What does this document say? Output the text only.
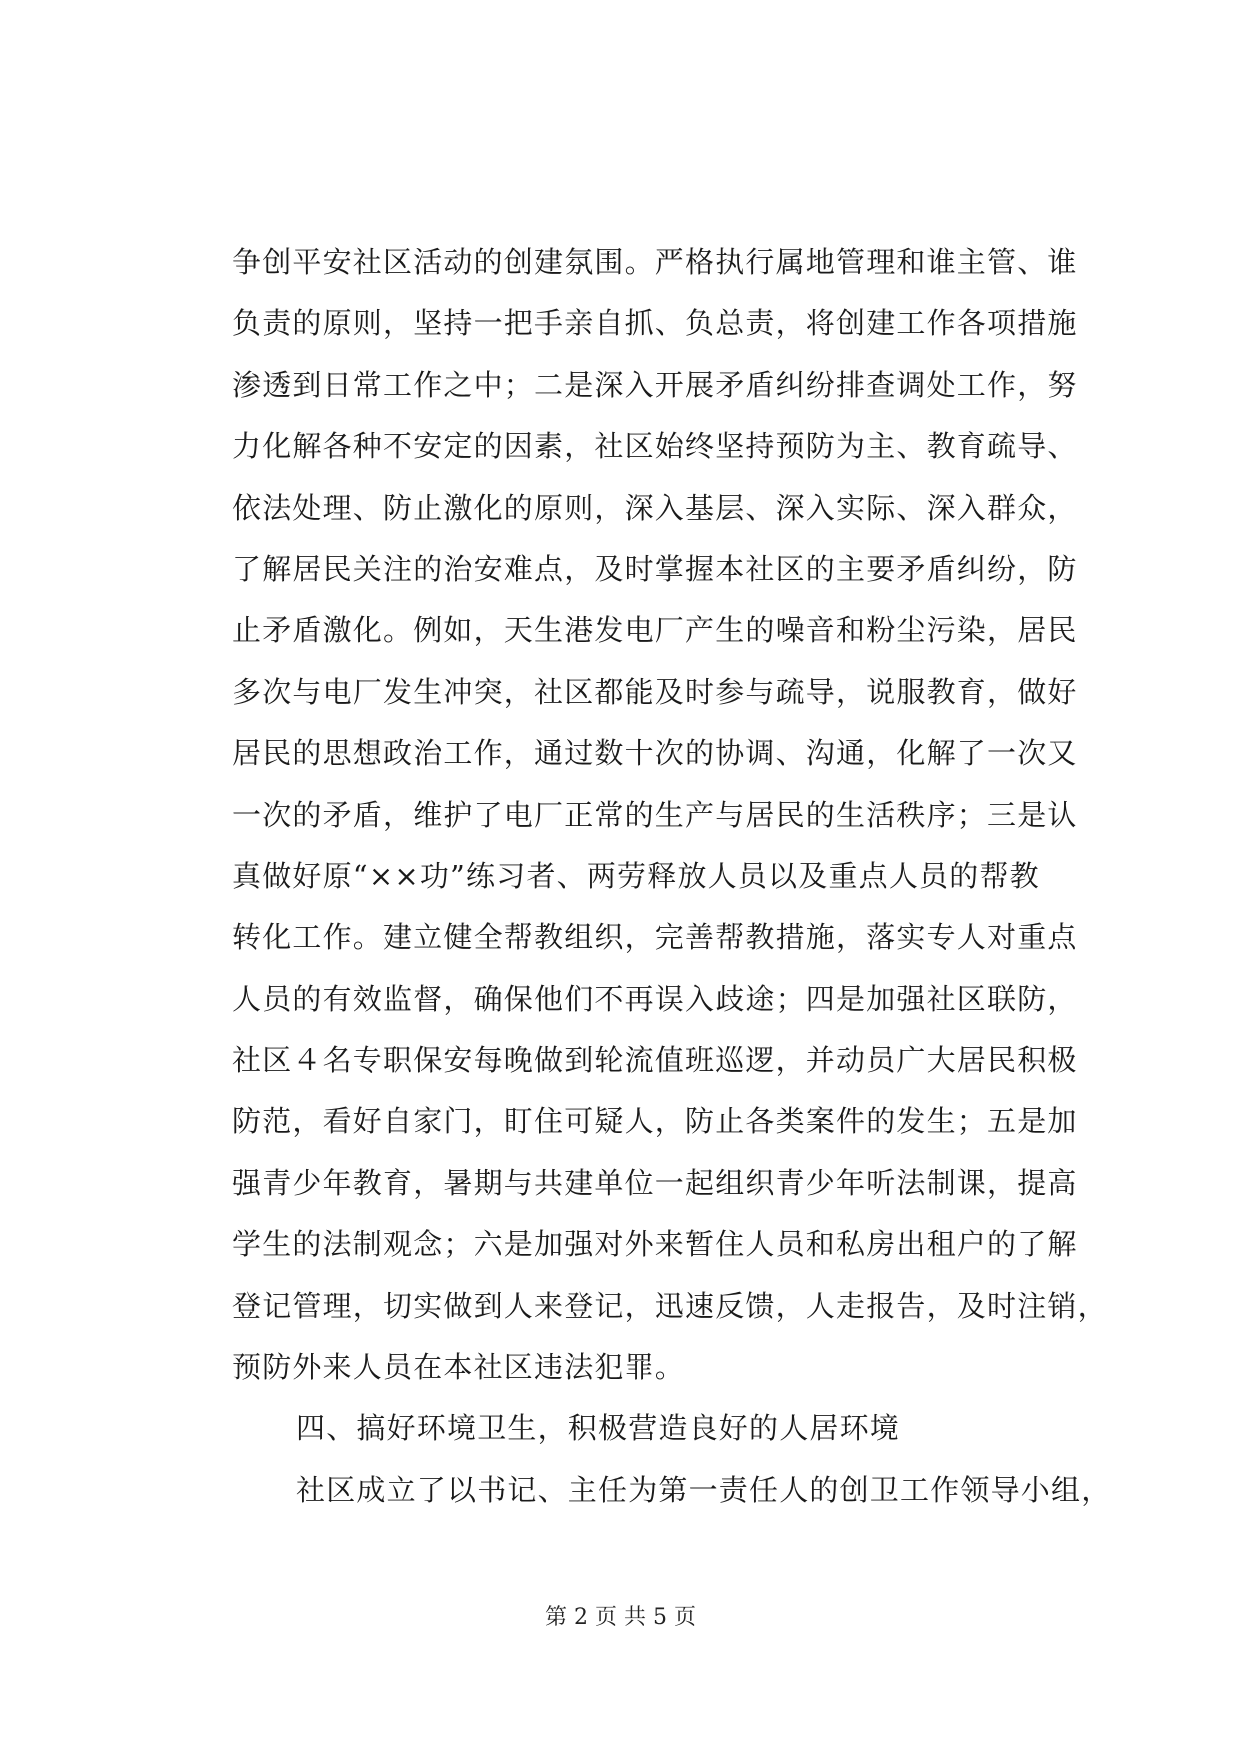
争创平安社区活动的创建氛围。严格执行属地管理和谁主管、谁
负责的原则，坚持一把手亲自抓、负总责，将创建工作各项措施
渗透到日常工作之中；二是深入开展矛盾纠纷排查调处工作，努
力化解各种不安定的因素，社区始终坚持预防为主、教育疏导、
依法处理、防止激化的原则，深入基层、深入实际、深入群众，
了解居民关注的治安难点，及时掌握本社区的主要矛盾纠纷，防
止矛盾激化。例如，天生港发电厂产生的噪音和粉尘污染，居民
多次与电厂发生冲突，社区都能及时参与疏导，说服教育，做好
居民的思想政治工作，通过数十次的协调、沟通，化解了一次又
一次的矛盾，维护了电厂正常的生产与居民的生活秩序；三是认
真做好原“××功”练习者、两劳释放人员以及重点人员的帮教
转化工作。建立健全帮教组织，完善帮教措施，落实专人对重点
人员的有效监督，确保他们不再误入歧途；四是加强社区联防，
社区４名专职保安每晚做到轮流值班巡逻，并动员广大居民积极
防范，看好自家门，盯住可疑人，防止各类案件的发生；五是加
强青少年教育，暑期与共建单位一起组织青少年听法制课，提高
学生的法制观念；六是加强对外来暂住人员和私房出租户的了解
登记管理，切实做到人来登记，迅速反馈，人走报告，及时注销，
预防外来人员在本社区违法犯罪。
四、搞好环境卫生，积极营造良好的人居环境
社区成立了以书记、主任为第一责任人的创卫工作领导小组，
第 2 页 共 5 页
